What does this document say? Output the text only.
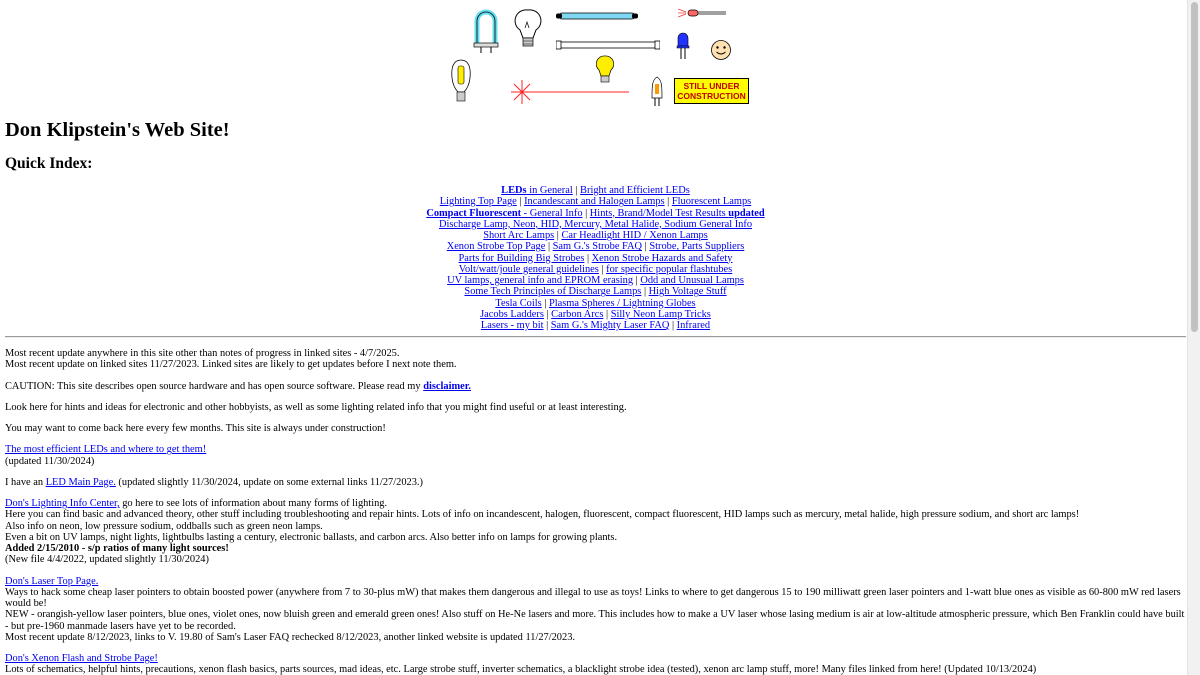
STILL UNDER
CONSTRUCTION
Don Klipstein's Web Site!
Quick Index:
LEDs in General | Bright and Efficient LEDs
Lighting Top Page | Incandescant and Halogen Lamps | Fluorescent Lamps
Compact Fluorescent - General Info | Hints, Brand/Model Test Results updated
Discharge Lamp, Neon, HID, Mercury, Metal Halide, Sodium General Info
Short Arc Lamps | Car Headlight HID / Xenon Lamps
Xenon Strobe Top Page | Sam G.'s Strobe FAQ | Strobe, Parts Suppliers
Parts for Building Big Strobes | Xenon Strobe Hazards and Safety
Volt/watt/joule general guidelines | for specific popular flashtubes
UV lamps, general info and EPROM erasing | Odd and Unusual Lamps
Some Tech Principles of Discharge Lamps | High Voltage Stuff
Tesla Coils | Plasma Spheres / Lightning Globes
Jacobs Ladders | Carbon Arcs | Silly Neon Lamp Tricks
Lasers - my bit | Sam G.'s Mighty Laser FAQ | Infrared

Most recent update anywhere in this site other than notes of progress in linked sites - 4/7/2025.
Most recent update on linked sites 11/27/2023. Linked sites are likely to get updates before I next note them.

CAUTION: This site describes open source hardware and has open source software. Please read my disclaimer.

Look here for hints and ideas for electronic and other hobbyists, as well as some lighting related info that you might find useful or at least interesting.

You may want to come back here every few months. This site is always under construction!

The most efficient LEDs and where to get them!
(updated 11/30/2024)

I have an LED Main Page. (updated slightly 11/30/2024, update on some external links 11/27/2023.)

Don's Lighting Info Center, go here to see lots of information about many forms of lighting.
Here you can find basic and advanced theory, other stuff including troubleshooting and repair hints. Lots of info on incandescent, halogen, fluorescent, compact fluorescent, HID lamps such as mercury, metal halide, high pressure sodium, and short arc lamps!
Also info on neon, low pressure sodium, oddballs such as green neon lamps.
Even a bit on UV lamps, night lights, lightbulbs lasting a century, electronic ballasts, and carbon arcs. Also better info on lamps for growing plants.
Added 2/15/2010 - s/p ratios of many light sources!
(New file 4/4/2022, updated slightly 11/30/2024)

Don's Laser Top Page.
Ways to hack some cheap laser pointers to obtain boosted power (anywhere from 7 to 30-plus mW) that makes them dangerous and illegal to use as toys! Links to where to get dangerous 15 to 190 milliwatt green laser pointers and 1-watt blue ones as visible as 60-800 mW red lasers would be!
NEW - orangish-yellow laser pointers, blue ones, violet ones, now bluish green and emerald green ones! Also stuff on He-Ne lasers and more. This includes how to make a UV laser whose lasing medium is air at low-altitude atmospheric pressure, which Ben Franklin could have built - but pre-1960 manmade lasers have yet to be recorded.
Most recent update 8/12/2023, links to V. 19.80 of Sam's Laser FAQ rechecked 8/12/2023, another linked website is updated 11/27/2023.

Don's Xenon Flash and Strobe Page!
Lots of schematics, helpful hints, precautions, xenon flash basics, parts sources, mad ideas, etc. Large strobe stuff, inverter schematics, a blacklight strobe idea (tested), xenon arc lamp stuff, more! Many files linked from here! (Updated 10/13/2024)
